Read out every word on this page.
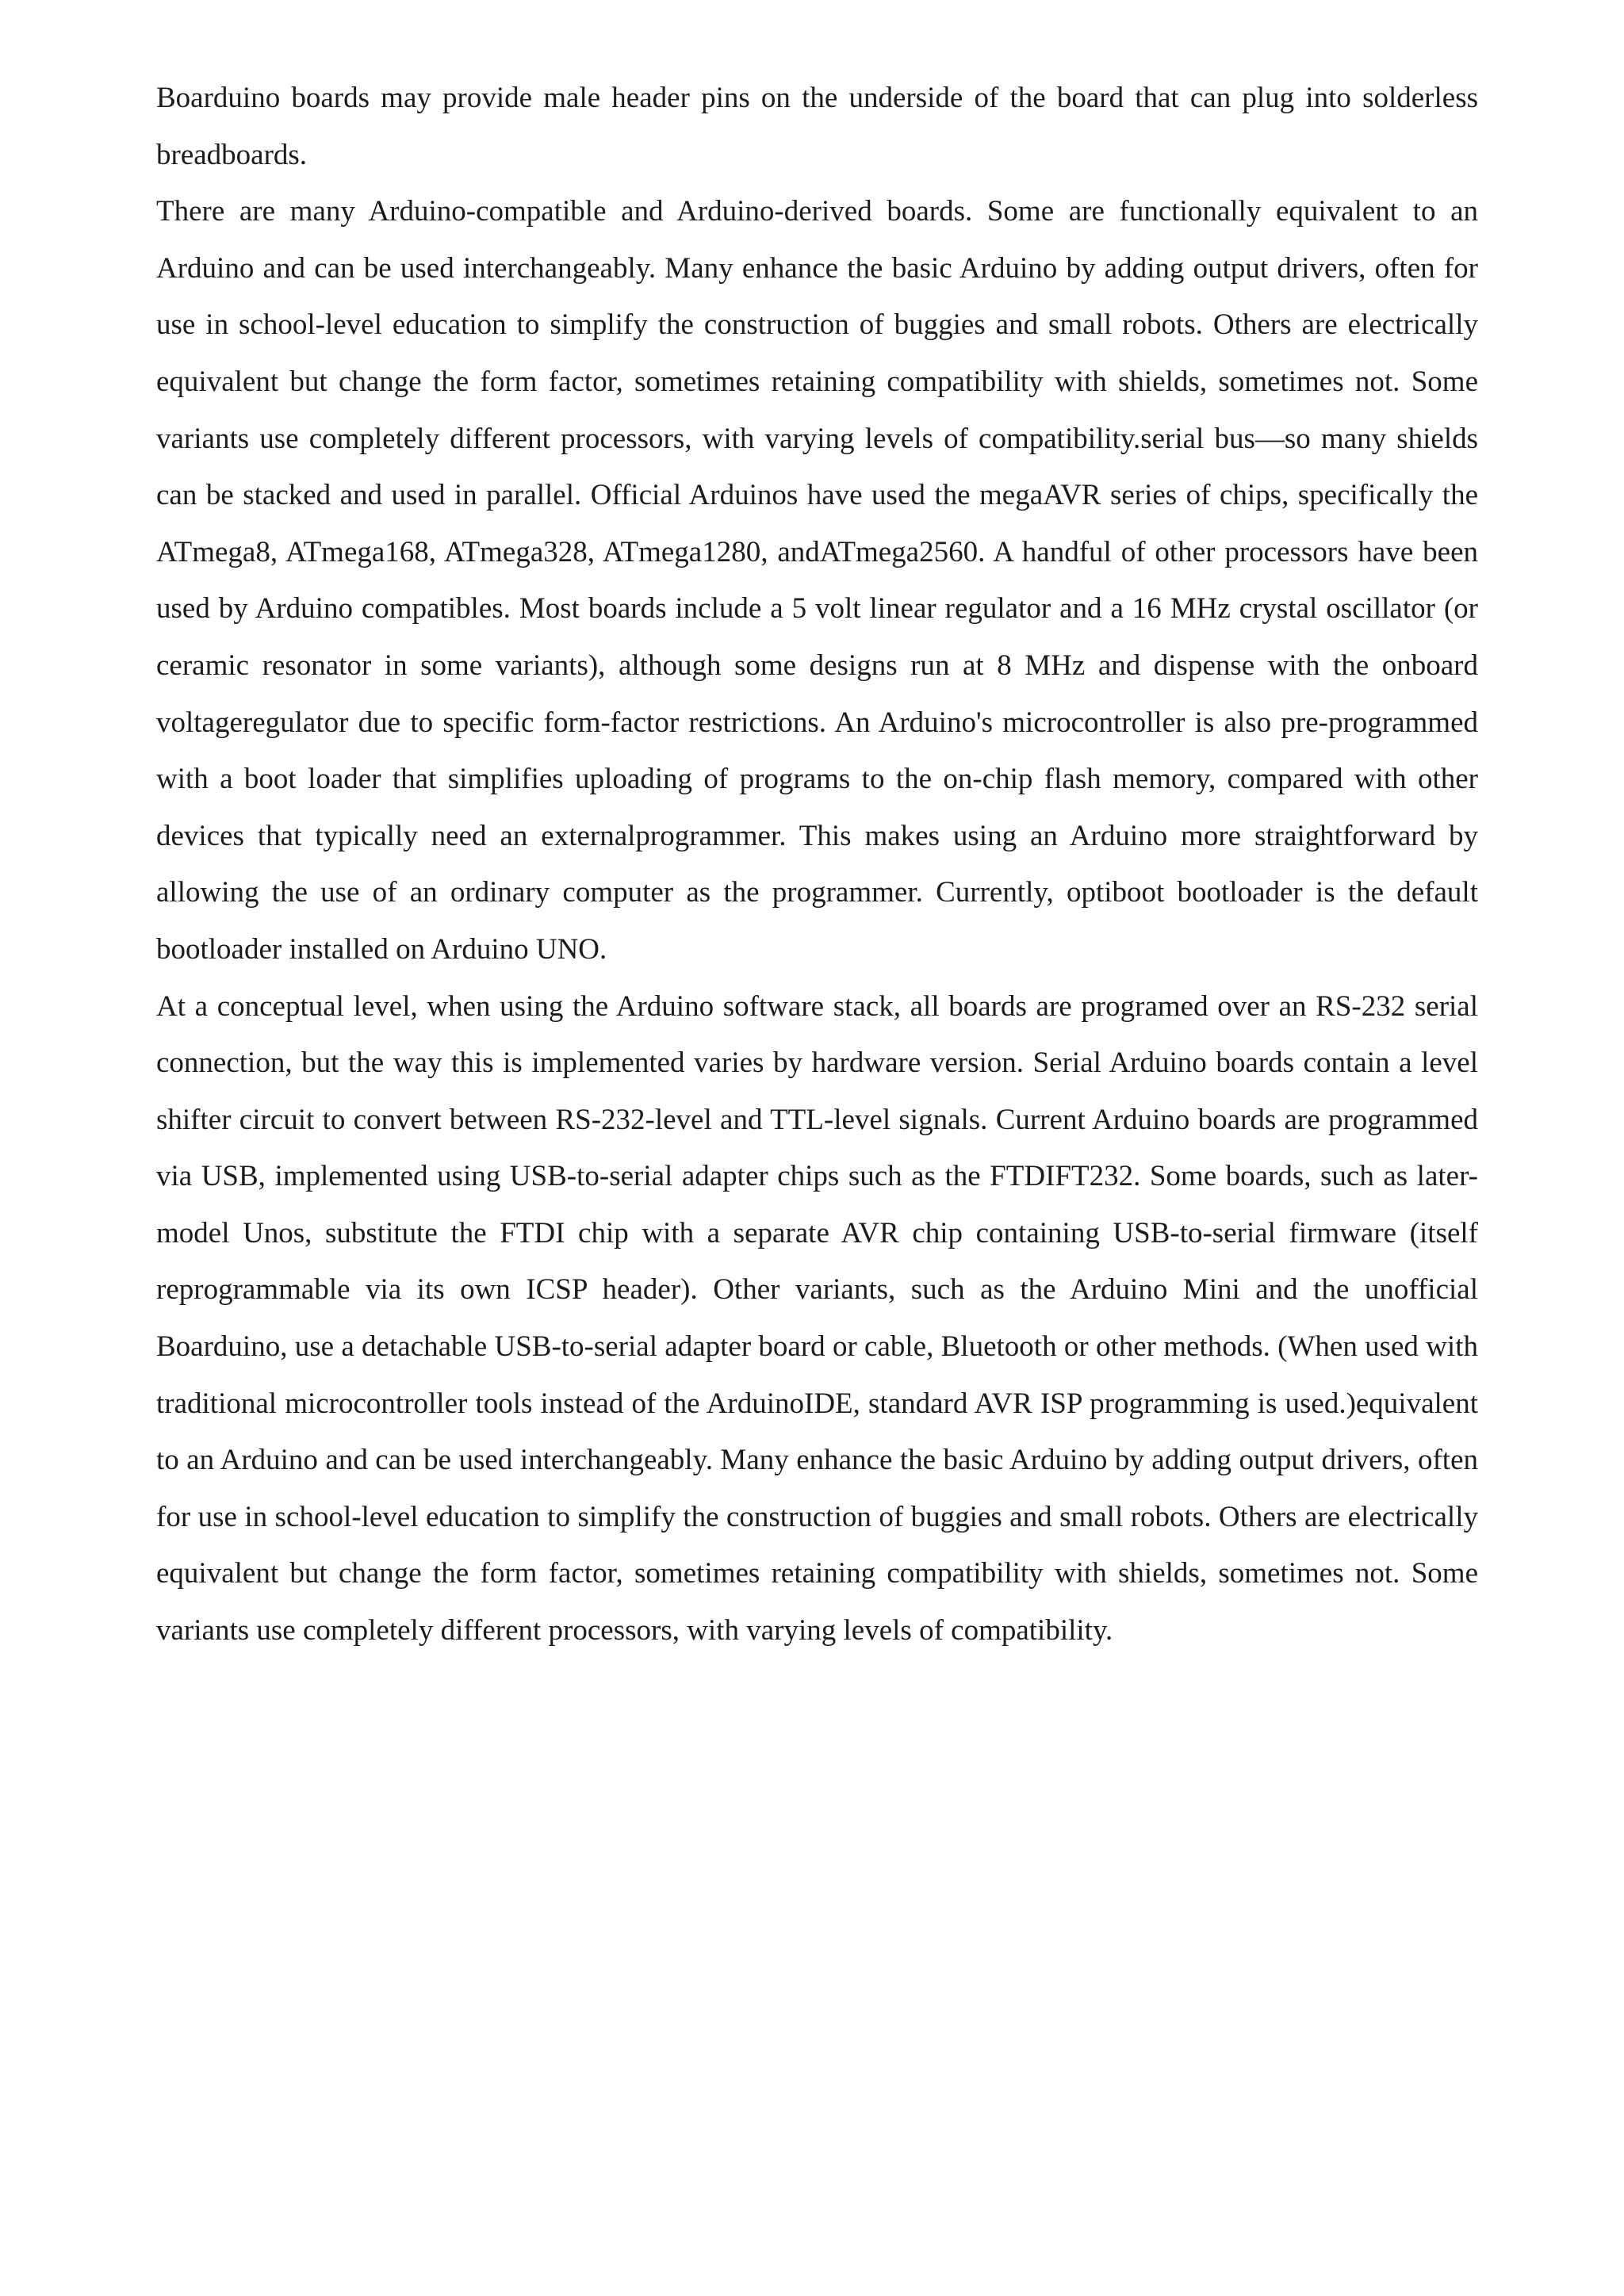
Boarduino boards may provide male header pins on the underside of the board that can plug into solderless breadboards.

There are many Arduino-compatible and Arduino-derived boards. Some are functionally equivalent to an Arduino and can be used interchangeably. Many enhance the basic Arduino by adding output drivers, often for use in school-level education to simplify the construction of buggies and small robots. Others are electrically equivalent but change the form factor, sometimes retaining compatibility with shields, sometimes not. Some variants use completely different processors, with varying levels of compatibility.serial bus—so many shields can be stacked and used in parallel. Official Arduinos have used the megaAVR series of chips, specifically the ATmega8, ATmega168, ATmega328, ATmega1280, andATmega2560. A handful of other processors have been used by Arduino compatibles. Most boards include a 5 volt linear regulator and a 16 MHz crystal oscillator (or ceramic resonator in some variants), although some designs run at 8 MHz and dispense with the onboard voltageregulator due to specific form-factor restrictions. An Arduino's microcontroller is also pre-programmed with a boot loader that simplifies uploading of programs to the on-chip flash memory, compared with other devices that typically need an externalprogrammer. This makes using an Arduino more straightforward by allowing the use of an ordinary computer as the programmer. Currently, optiboot bootloader is the default bootloader installed on Arduino UNO.

At a conceptual level, when using the Arduino software stack, all boards are programed over an RS-232 serial connection, but the way this is implemented varies by hardware version. Serial Arduino boards contain a level shifter circuit to convert between RS-232-level and TTL-level signals. Current Arduino boards are programmed via USB, implemented using USB-to-serial adapter chips such as the FTDIFT232. Some boards, such as later-model Unos, substitute the FTDI chip with a separate AVR chip containing USB-to-serial firmware (itself reprogrammable via its own ICSP header). Other variants, such as the Arduino Mini and the unofficial Boarduino, use a detachable USB-to-serial adapter board or cable, Bluetooth or other methods. (When used with traditional microcontroller tools instead of the ArduinoIDE, standard AVR ISP programming is used.)equivalent to an Arduino and can be used interchangeably. Many enhance the basic Arduino by adding output drivers, often for use in school-level education to simplify the construction of buggies and small robots. Others are electrically equivalent but change the form factor, sometimes retaining compatibility with shields, sometimes not. Some variants use completely different processors, with varying levels of compatibility.
